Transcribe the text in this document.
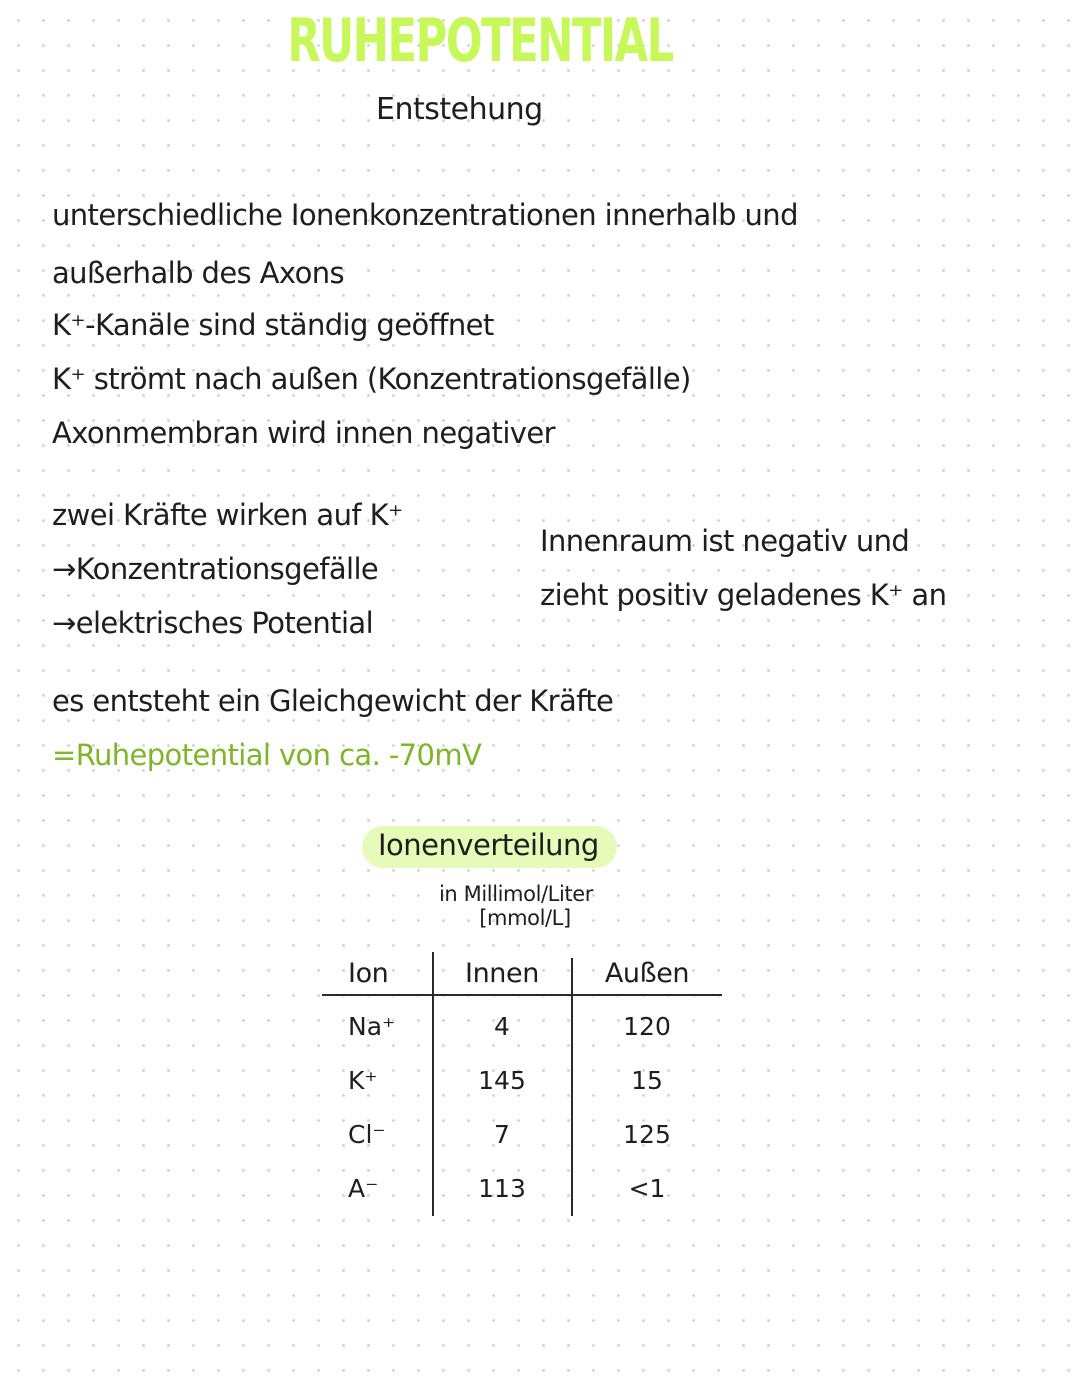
RUHEPOTENTIAL
Entstehung
unterschiedliche Ionenkonzentrationen innerhalb und
außerhalb des Axons
K⁺-Kanäle sind ständig geöffnet
K⁺ strömt nach außen (Konzentrationsgefälle)
Axonmembran wird innen negativer
zwei Kräfte wirken auf K⁺
→Konzentrationsgefälle
→elektrisches Potential
Innenraum ist negativ und
zieht positiv geladenes K⁺ an
es entsteht ein Gleichgewicht der Kräfte
=Ruhepotential von ca. -70mV
Ionenverteilung
in Millimol/Liter
[mmol/L]
Ion	Innen	Außen
Na⁺	4	120
K⁺	145	15
Cl⁻	7	125
A⁻	113	<1
